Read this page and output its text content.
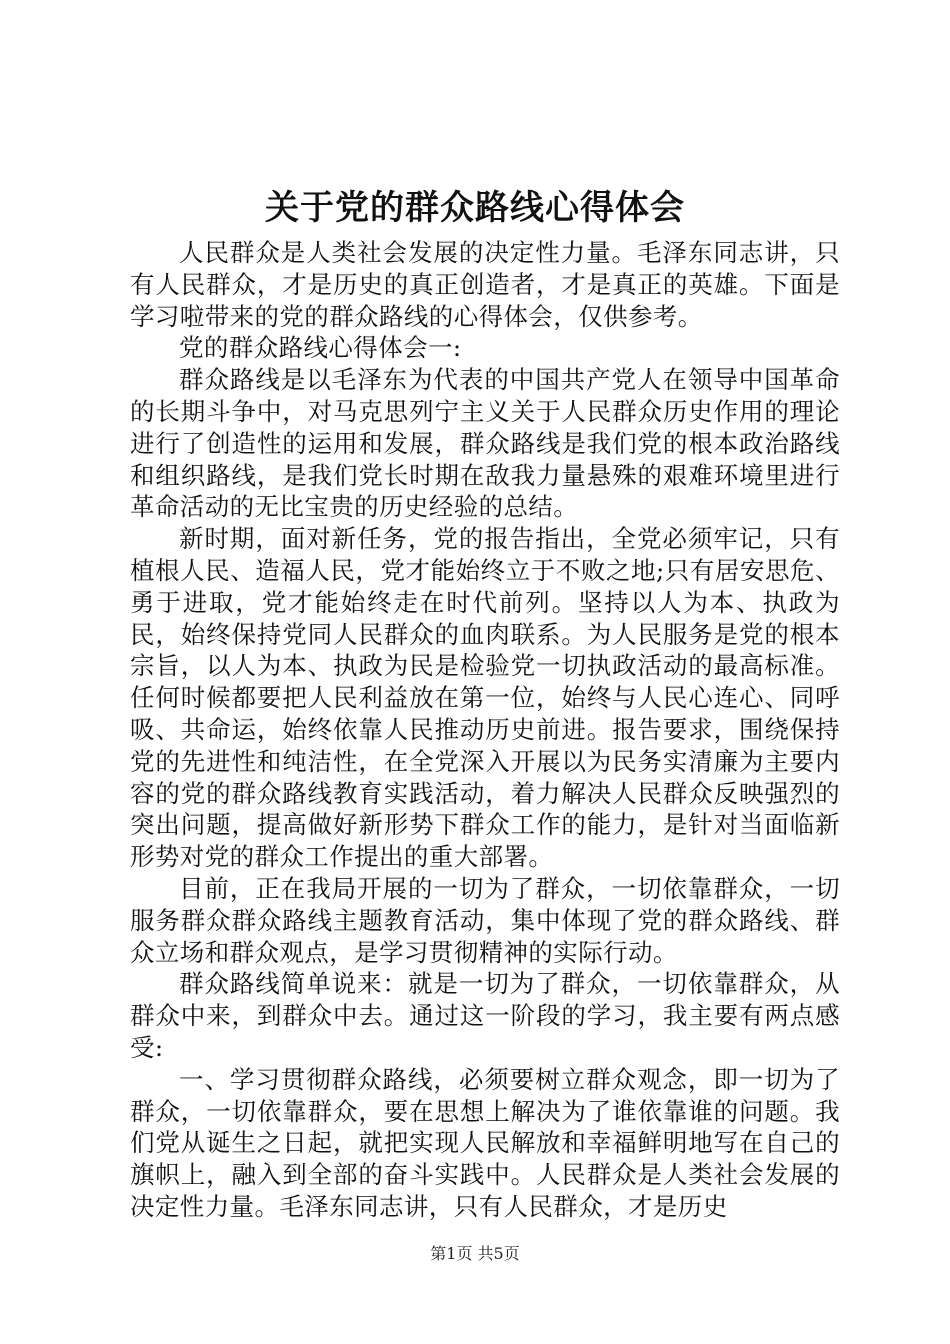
关于党的群众路线心得体会

人民群众是人类社会发展的决定性力量。毛泽东同志讲，只有人民群众，才是历史的真正创造者，才是真正的英雄。下面是学习啦带来的党的群众路线的心得体会，仅供参考。

党的群众路线心得体会一:

群众路线是以毛泽东为代表的中国共产党人在领导中国革命的长期斗争中，对马克思列宁主义关于人民群众历史作用的理论进行了创造性的运用和发展，群众路线是我们党的根本政治路线和组织路线，是我们党长时期在敌我力量悬殊的艰难环境里进行革命活动的无比宝贵的历史经验的总结。

新时期，面对新任务，党的报告指出，全党必须牢记，只有植根人民、造福人民，党才能始终立于不败之地;只有居安思危、勇于进取，党才能始终走在时代前列。坚持以人为本、执政为民，始终保持党同人民群众的血肉联系。为人民服务是党的根本宗旨，以人为本、执政为民是检验党一切执政活动的最高标准。任何时候都要把人民利益放在第一位，始终与人民心连心、同呼吸、共命运，始终依靠人民推动历史前进。报告要求，围绕保持党的先进性和纯洁性，在全党深入开展以为民务实清廉为主要内容的党的群众路线教育实践活动，着力解决人民群众反映强烈的突出问题，提高做好新形势下群众工作的能力，是针对当面临新形势对党的群众工作提出的重大部署。

目前，正在我局开展的一切为了群众，一切依靠群众，一切服务群众群众路线主题教育活动，集中体现了党的群众路线、群众立场和群众观点，是学习贯彻精神的实际行动。

群众路线简单说来：就是一切为了群众，一切依靠群众，从群众中来，到群众中去。通过这一阶段的学习，我主要有两点感受:

一、学习贯彻群众路线，必须要树立群众观念，即一切为了群众，一切依靠群众，要在思想上解决为了谁依靠谁的问题。我们党从诞生之日起，就把实现人民解放和幸福鲜明地写在自己的旗帜上，融入到全部的奋斗实践中。人民群众是人类社会发展的决定性力量。毛泽东同志讲，只有人民群众，才是历史

第1页 共5页
